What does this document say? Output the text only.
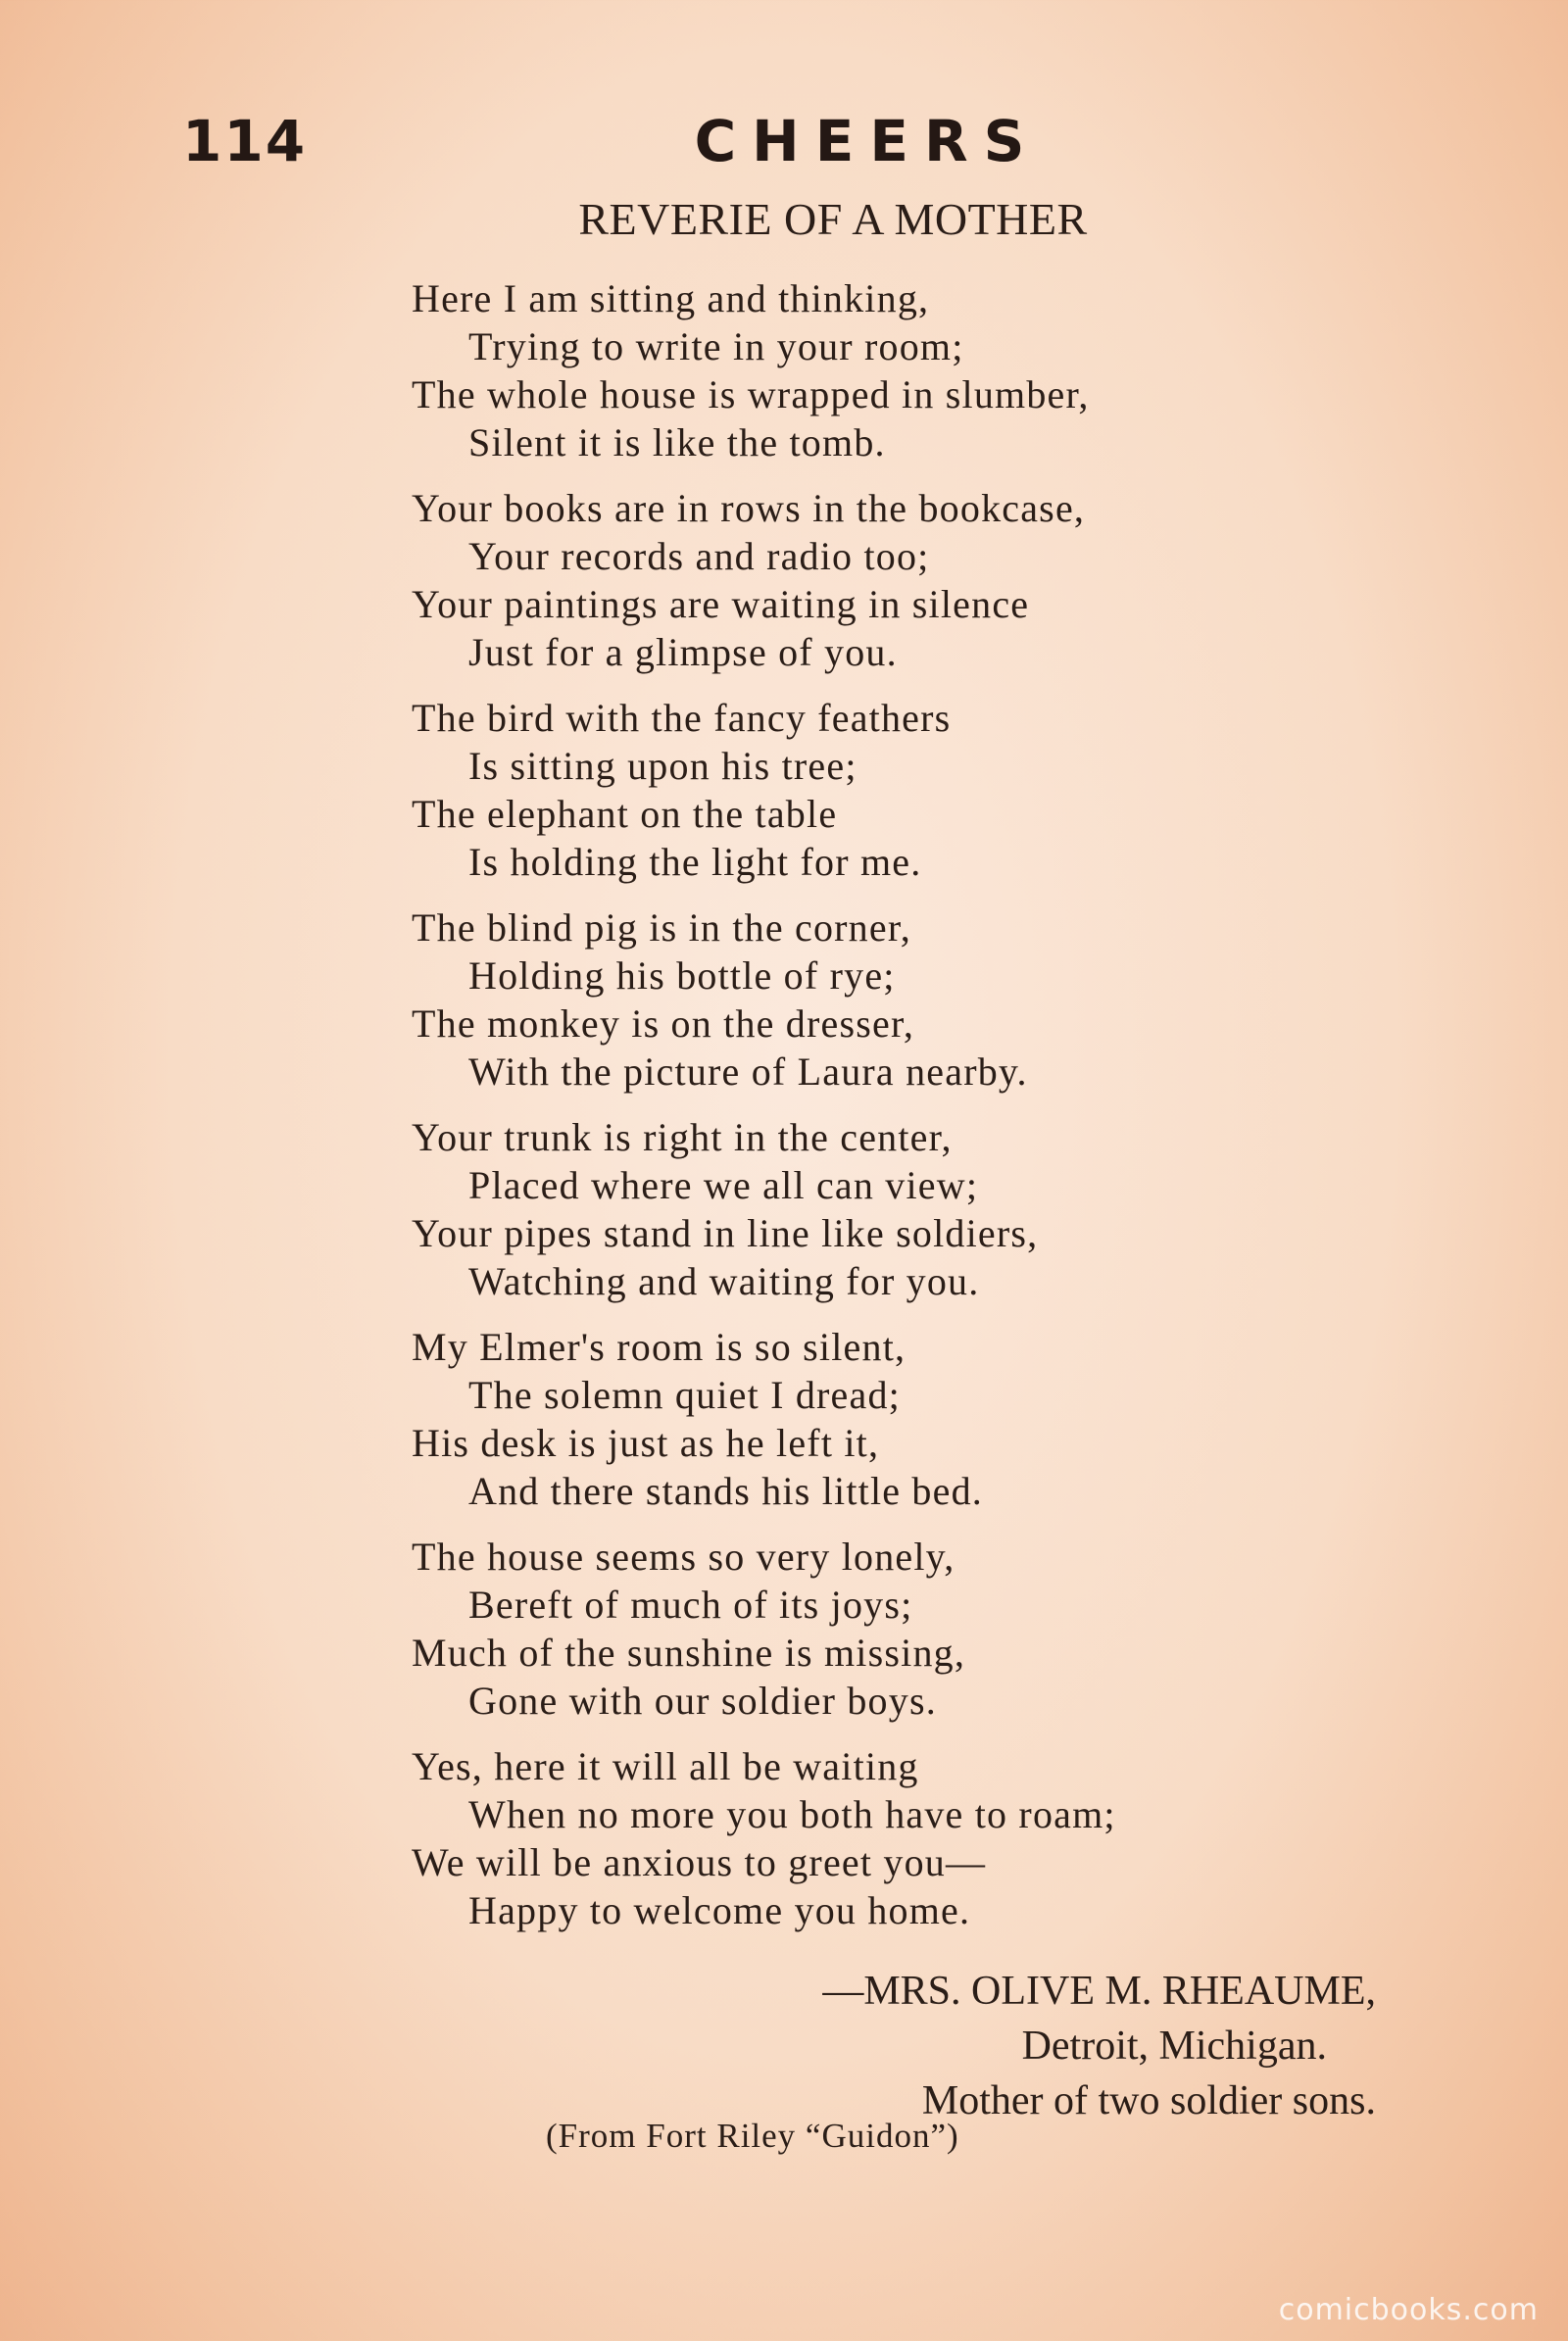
114	CHEERS
REVERIE OF A MOTHER
Here I am sitting and thinking,
Trying to write in your room;
The whole house is wrapped in slumber,
Silent it is like the tomb.
Your books are in rows in the bookcase,
Your records and radio too;
Your paintings are waiting in silence
Just for a glimpse of you.
The bird with the fancy feathers
Is sitting upon his tree;
The elephant on the table
Is holding the light for me.
The blind pig is in the corner,
Holding his bottle of rye;
The monkey is on the dresser,
With the picture of Laura nearby.
Your trunk is right in the center,
Placed where we all can view;
Your pipes stand in line like soldiers,
Watching and waiting for you.
My Elmer's room is so silent,
The solemn quiet I dread;
His desk is just as he left it,
And there stands his little bed.
The house seems so very lonely,
Bereft of much of its joys;
Much of the sunshine is missing,
Gone with our soldier boys.
Yes, here it will all be waiting
When no more you both have to roam;
We will be anxious to greet you—
Happy to welcome you home.
—MRS. OLIVE M. RHEAUME,
Detroit, Michigan.
Mother of two soldier sons.
(From Fort Riley “Guidon”)
comicbooks.com
